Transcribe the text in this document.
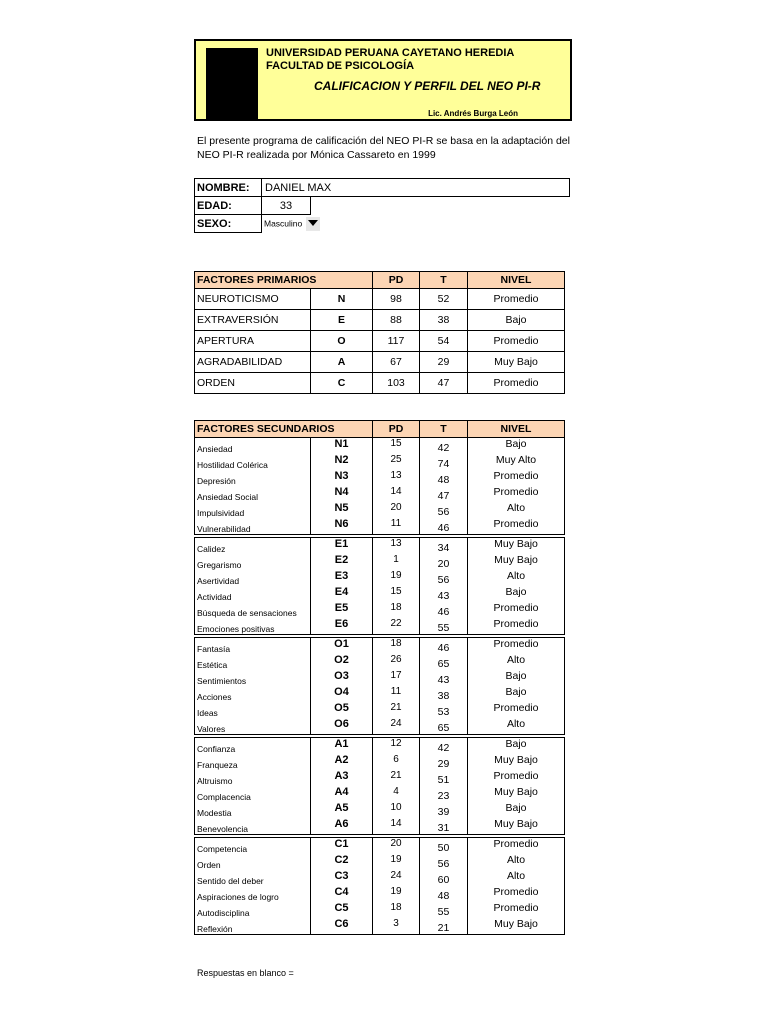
UNIVERSIDAD PERUANA CAYETANO HEREDIA
FACULTAD DE PSICOLOGÍA
CALIFICACION Y PERFIL DEL NEO PI-R
Lic. Andrés Burga León
El presente programa de calificación del NEO PI-R se basa en la adaptación del NEO PI-R realizada por Mónica Cassareto en 1999
NOMBRE:	DANIEL MAX	
EDAD:	33	
SEXO:	Masculino	
FACTORES PRIMARIOS		PD	T	NIVEL
NEUROTICISMO	N	98	52	Promedio
EXTRAVERSIÓN	E	88	38	Bajo
APERTURA	O	117	54	Promedio
AGRADABILIDAD	A	67	29	Muy Bajo
ORDEN	C	103	47	Promedio
FACTORES SECUNDARIOS		PD	T	NIVEL
Ansiedad	N1	15	42	Bajo
Hostilidad Colérica	N2	25	74	Muy Alto
Depresión	N3	13	48	Promedio
Ansiedad Social	N4	14	47	Promedio
Impulsividad	N5	20	56	Alto
Vulnerabilidad	N6	11	46	Promedio

Calidez	E1	13	34	Muy Bajo
Gregarismo	E2	1	20	Muy Bajo
Asertividad	E3	19	56	Alto
Actividad	E4	15	43	Bajo
Búsqueda de sensaciones	E5	18	46	Promedio
Emociones positivas	E6	22	55	Promedio

Fantasía	O1	18	46	Promedio
Estética	O2	26	65	Alto
Sentimientos	O3	17	43	Bajo
Acciones	O4	11	38	Bajo
Ideas	O5	21	53	Promedio
Valores	O6	24	65	Alto

Confianza	A1	12	42	Bajo
Franqueza	A2	6	29	Muy Bajo
Altruismo	A3	21	51	Promedio
Complacencia	A4	4	23	Muy Bajo
Modestia	A5	10	39	Bajo
Benevolencia	A6	14	31	Muy Bajo

Competencia	C1	20	50	Promedio
Orden	C2	19	56	Alto
Sentido del deber	C3	24	60	Alto
Aspiraciones de logro	C4	19	48	Promedio
Autodisciplina	C5	18	55	Promedio
Reflexión	C6	3	21	Muy Bajo
Respuestas en blanco =
